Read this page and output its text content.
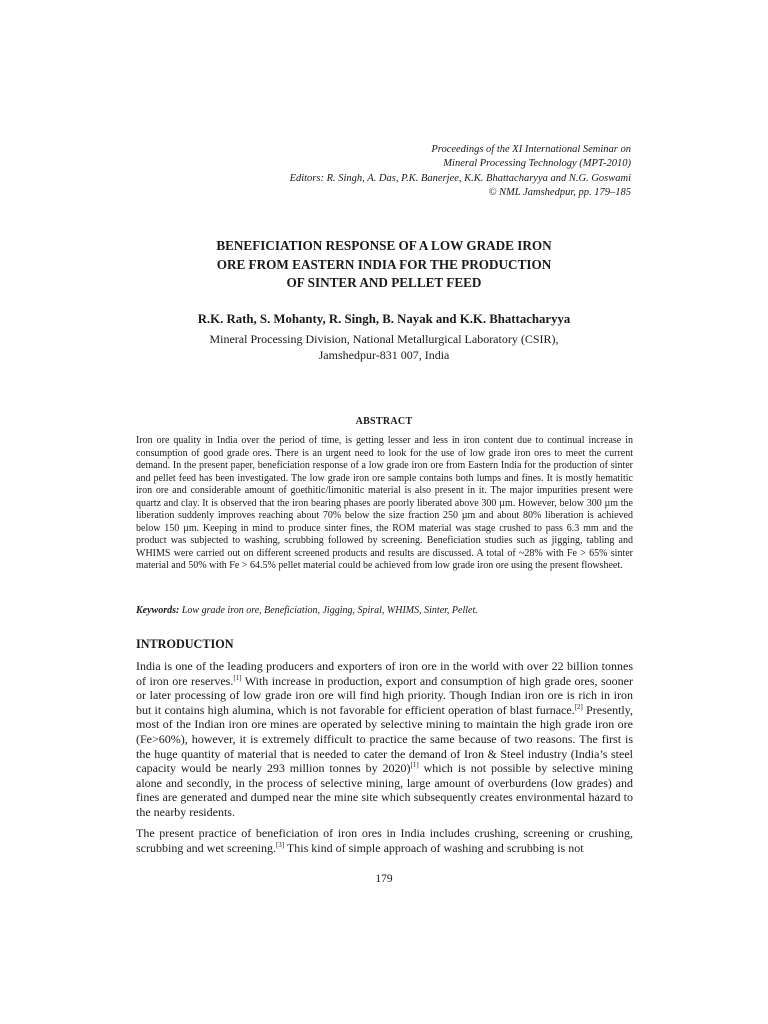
Proceedings of the XI International Seminar on
Mineral Processing Technology (MPT-2010)
Editors: R. Singh, A. Das, P.K. Banerjee, K.K. Bhattacharyya and N.G. Goswami
© NML Jamshedpur, pp. 179–185
BENEFICIATION RESPONSE OF A LOW GRADE IRON
ORE FROM EASTERN INDIA FOR THE PRODUCTION
OF SINTER AND PELLET FEED
R.K. Rath, S. Mohanty, R. Singh, B. Nayak and K.K. Bhattacharyya
Mineral Processing Division, National Metallurgical Laboratory (CSIR),
Jamshedpur-831 007, India
ABSTRACT
Iron ore quality in India over the period of time, is getting lesser and less in iron content due to continual increase in consumption of good grade ores. There is an urgent need to look for the use of low grade iron ores to meet the current demand. In the present paper, beneficiation response of a low grade iron ore from Eastern India for the production of sinter and pellet feed has been investigated. The low grade iron ore sample contains both lumps and fines. It is mostly hematitic iron ore and considerable amount of goethitic/limonitic material is also present in it. The major impurities present were quartz and clay. It is observed that the iron bearing phases are poorly liberated above 300 µm. However, below 300 µm the liberation suddenly improves reaching about 70% below the size fraction 250 µm and about 80% liberation is achieved below 150 µm. Keeping in mind to produce sinter fines, the ROM material was stage crushed to pass 6.3 mm and the product was subjected to washing, scrubbing followed by screening. Beneficiation studies such as jigging, tabling and WHIMS were carried out on different screened products and results are discussed. A total of ~28% with Fe > 65% sinter material and 50% with Fe > 64.5% pellet material could be achieved from low grade iron ore using the present flowsheet.
Keywords: Low grade iron ore, Beneficiation, Jigging, Spiral, WHIMS, Sinter, Pellet.
INTRODUCTION
India is one of the leading producers and exporters of iron ore in the world with over 22 billion tonnes of iron ore reserves.[1] With increase in production, export and consumption of high grade ores, sooner or later processing of low grade iron ore will find high priority. Though Indian iron ore is rich in iron but it contains high alumina, which is not favorable for efficient operation of blast furnace.[2] Presently, most of the Indian iron ore mines are operated by selective mining to maintain the high grade iron ore (Fe>60%), however, it is extremely difficult to practice the same because of two reasons. The first is the huge quantity of material that is needed to cater the demand of Iron & Steel industry (India’s steel capacity would be nearly 293 million tonnes by 2020)[1] which is not possible by selective mining alone and secondly, in the process of selective mining, large amount of overburdens (low grades) and fines are generated and dumped near the mine site which subsequently creates environmental hazard to the nearby residents.
The present practice of beneficiation of iron ores in India includes crushing, screening or crushing, scrubbing and wet screening.[3] This kind of simple approach of washing and scrubbing is not
179
